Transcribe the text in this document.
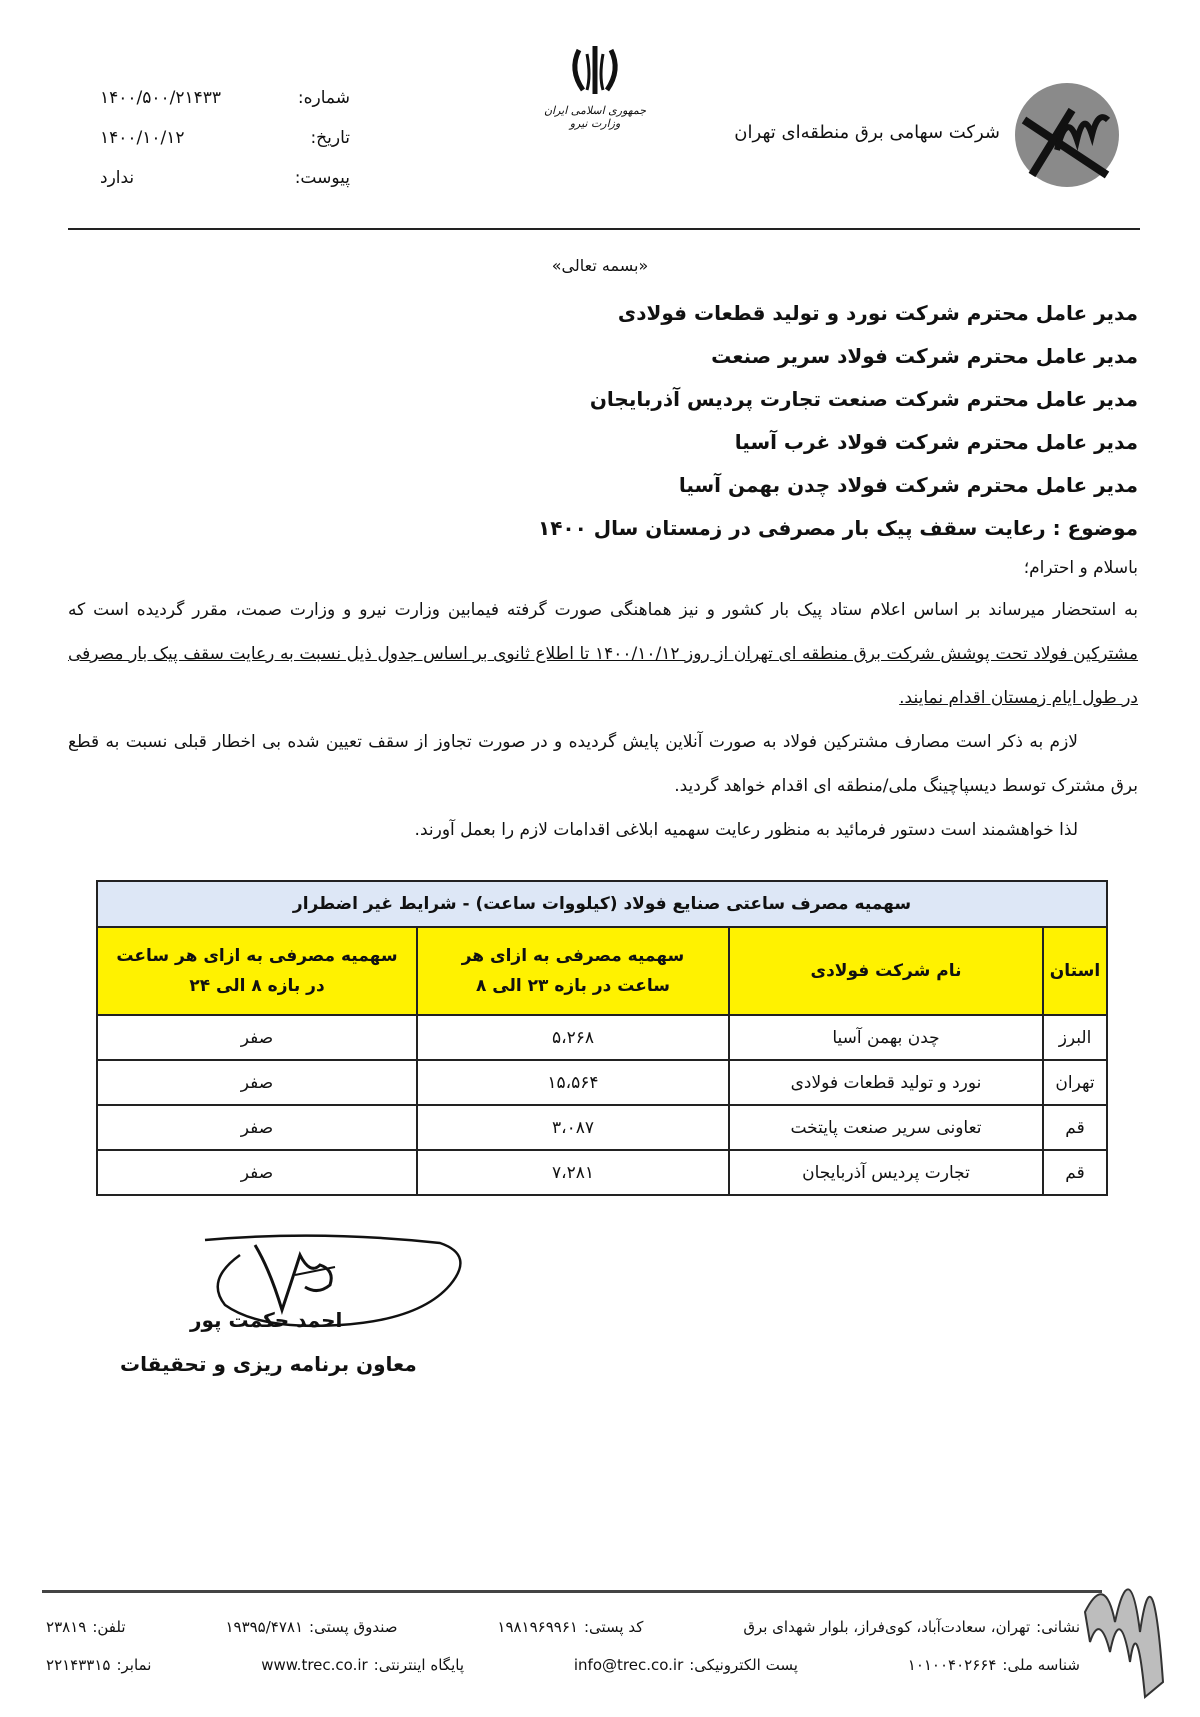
شرکت سهامی برق منطقه‌ای تهران
جمهوری اسلامی ایران
وزارت نیرو
شماره:
۱۴۰۰/۵۰۰/۲۱۴۳۳
تاریخ:
۱۴۰۰/۱۰/۱۲
پیوست:
ندارد
«بسمه تعالی»
مدیر عامل محترم شرکت نورد و تولید قطعات فولادی
مدیر عامل محترم شرکت فولاد سریر صنعت
مدیر عامل محترم شرکت صنعت تجارت پردیس آذربایجان
مدیر عامل محترم شرکت فولاد غرب آسیا
مدیر عامل محترم شرکت فولاد چدن بهمن آسیا
موضوع : رعایت سقف پیک بار مصرفی در زمستان سال ۱۴۰۰
باسلام و احترام؛
به استحضار میرساند بر اساس اعلام ستاد پیک بار کشور و نیز هماهنگی صورت گرفته فیمابین وزارت نیرو و وزارت صمت، مقرر گردیده است که مشترکین فولاد تحت پوشش شرکت برق منطقه ای تهران از روز ۱۴۰۰/۱۰/۱۲ تا اطلاع ثانوی بر اساس جدول ذیل نسبت به رعایت سقف پیک بار مصرفی در طول ایام زمستان اقدام نمایند.
لازم به ذکر است مصارف مشترکین فولاد به صورت آنلاین پایش گردیده و در صورت تجاوز از سقف تعیین شده بی اخطار قبلی نسبت به قطع برق مشترک توسط دیسپاچینگ ملی/منطقه ای اقدام خواهد گردید.
لذا خواهشمند است دستور فرمائید به منظور رعایت سهمیه ابلاغی اقدامات لازم را بعمل آورند.
سهمیه مصرف ساعتی صنایع فولاد (کیلووات ساعت) - شرایط غیر اضطرار			
استان	نام شرکت فولادی	سهمیه مصرفی به ازای هر ساعت در بازه ۲۳ الی ۸	سهمیه مصرفی به ازای هر ساعت در بازه ۸ الی ۲۴
البرز	چدن بهمن آسیا	۵،۲۶۸	صفر
تهران	نورد و تولید قطعات فولادی	۱۵،۵۶۴	صفر
قم	تعاونی سریر صنعت پایتخت	۳،۰۸۷	صفر
قم	تجارت پردیس آذربایجان	۷،۲۸۱	صفر
احمد حکمت پور
معاون برنامه ریزی و تحقیقات
نشانی:تهران، سعادت‌آباد، کوی‌فراز، بلوار شهدای برق
کد پستی:۱۹۸۱۹۶۹۹۶۱
صندوق پستی:۱۹۳۹۵/۴۷۸۱
تلفن:۲۳۸۱۹
شناسه ملی:۱۰۱۰۰۴۰۲۶۶۴
پست الکترونیکی:info@trec.co.ir
پایگاه اینترنتی:www.trec.co.ir
نمابر:۲۲۱۴۳۳۱۵
